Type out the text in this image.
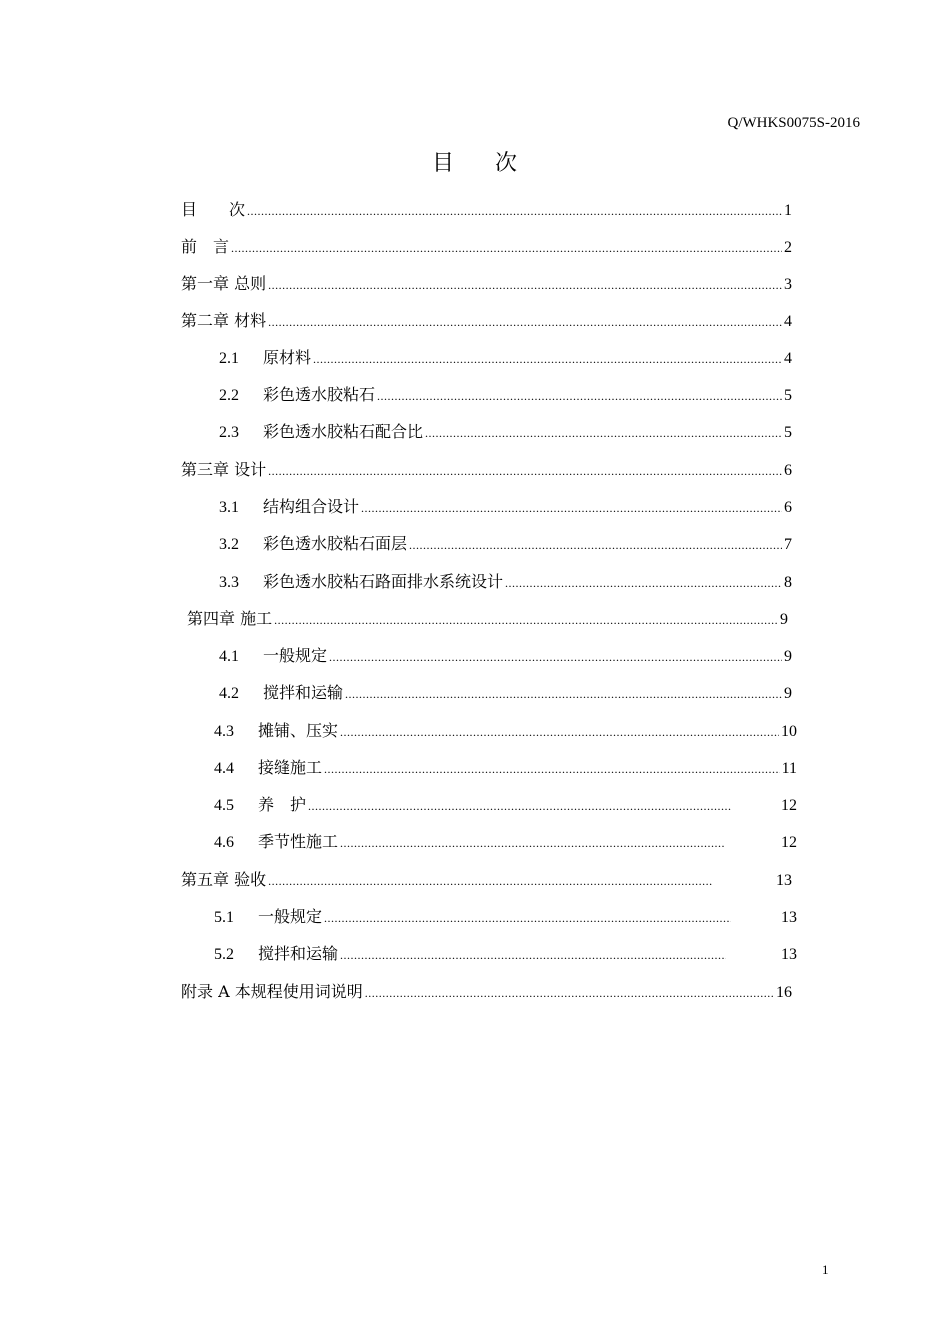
Q/WHKS0075S-2016
目 次
目　　次 .....	1
前　言 .....	2
第一章 总则 .....	3
第二章 材料 .....	4
2.1	原材料 .....	4
2.2	彩色透水胶粘石 .....	5
2.3	彩色透水胶粘石配合比 .....	5
第三章 设计 .....	6
3.1	结构组合设计 .....	6
3.2	彩色透水胶粘石面层 .....	7
3.3	彩色透水胶粘石路面排水系统设计 .....	8
第四章 施工 .....	9
4.1	一般规定 .....	9
4.2	搅拌和运输 .....	9
4.3	摊铺、压实 .....	10
4.4	接缝施工 .....	11
4.5	养　护 .....	12
4.6	季节性施工 .....	12
第五章 验收 .....	13
5.1	一般规定 .....	13
5.2	搅拌和运输 .....	13
附录 A 本规程使用词说明 .....	16
1
